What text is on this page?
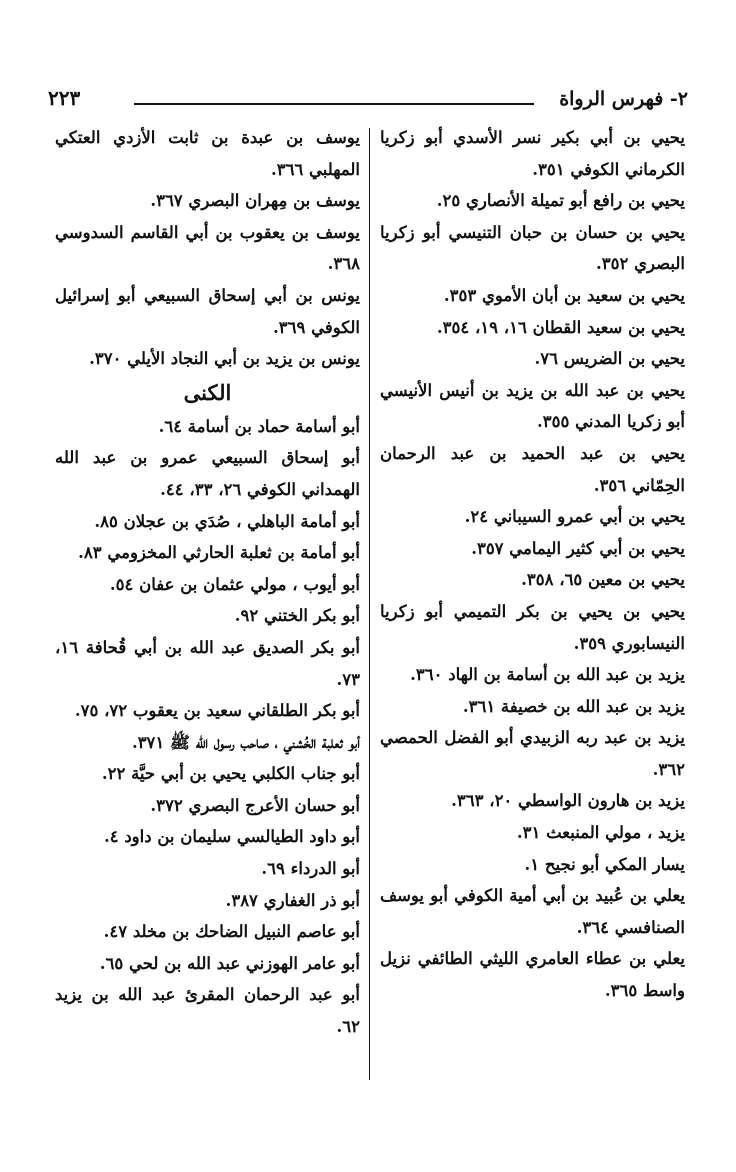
٢- فهرس الرواة
٢٢٣

يحيي بن أبي بكير نسر الأسدي أبو زكريا الكرماني الكوفي ٣٥١.

يحيي بن رافع أبو تميلة الأنصاري ٢٥.

يحيي بن حسان بن حبان التنيسي أبو زكريا البصري ٣٥٢.

يحيي بن سعيد بن أبان الأموي ٣٥٣.

يحيي بن سعيد القطان ١٦، ١٩، ٣٥٤.

يحيي بن الضريس ٧٦.

يحيي بن عبد الله بن يزيد بن أنيس الأنيسي أبو زكريا المدني ٣٥٥.

يحيي بن عبد الحميد بن عبد الرحمان الحِمّاني ٣٥٦.

يحيي بن أبي عمرو السيباني ٢٤.

يحيي بن أبي كثير اليمامي ٣٥٧.

يحيي بن معين ٦٥، ٣٥٨.

يحيي بن يحيي بن بكر التميمي أبو زكريا النيسابوري ٣٥٩.

يزيد بن عبد الله بن أسامة بن الهاد ٣٦٠.

يزيد بن عبد الله بن خصيفة ٣٦١.

يزيد بن عبد ربه الزبيدي أبو الفضل الحمصي ٣٦٢.

يزيد بن هارون الواسطي ٢٠، ٣٦٣.

يزيد ، مولي المنبعث ٣١.

يسار المكي أبو نجيح ١.

يعلي بن عُبيد بن أبي أمية الكوفي أبو يوسف الصنافسي ٣٦٤.

يعلي بن عطاء العامري الليثي الطائفي نزيل واسط ٣٦٥.

يوسف بن عبدة بن ثابت الأزدي العتكي المهلبي ٣٦٦.

يوسف بن مِهران البصري ٣٦٧.

يوسف بن يعقوب بن أبي القاسم السدوسي ٣٦٨.

يونس بن أبي إسحاق السبيعي أبو إسرائيل الكوفي ٣٦٩.

يونس بن يزيد بن أبي النجاد الأيلي ٣٧٠.

الكنى

أبو أسامة حماد بن أسامة ٦٤.

أبو إسحاق السبيعي عمرو بن عبد الله الهمداني الكوفي ٢٦، ٣٣، ٤٤.

أبو أمامة الباهلي ، صُدَي بن عجلان ٨٥.

أبو أمامة بن ثعلبة الحارثي المخزومي ٨٣.

أبو أيوب ، مولي عثمان بن عفان ٥٤.

أبو بكر الختني ٩٢.

أبو بكر الصديق عبد الله بن أبي قُحافة ١٦، ٧٣.

أبو بكر الطلقاني سعيد بن يعقوب ٧٢، ٧٥.

أبو ثعلبة الخُشني ، صاحب رسول الله ﷺ ٣٧١.

أبو جناب الكلبي يحيي بن أبي حيَّة ٢٢.

أبو حسان الأعرج البصري ٣٧٢.

أبو داود الطيالسي سليمان بن داود ٤.

أبو الدرداء ٦٩.

أبو ذر الغفاري ٣٨٧.

أبو عاصم النبيل الضاحك بن مخلد ٤٧.

أبو عامر الهوزني عبد الله بن لحي ٦٥.

أبو عبد الرحمان المقرئ عبد الله بن يزيد ٦٢.
